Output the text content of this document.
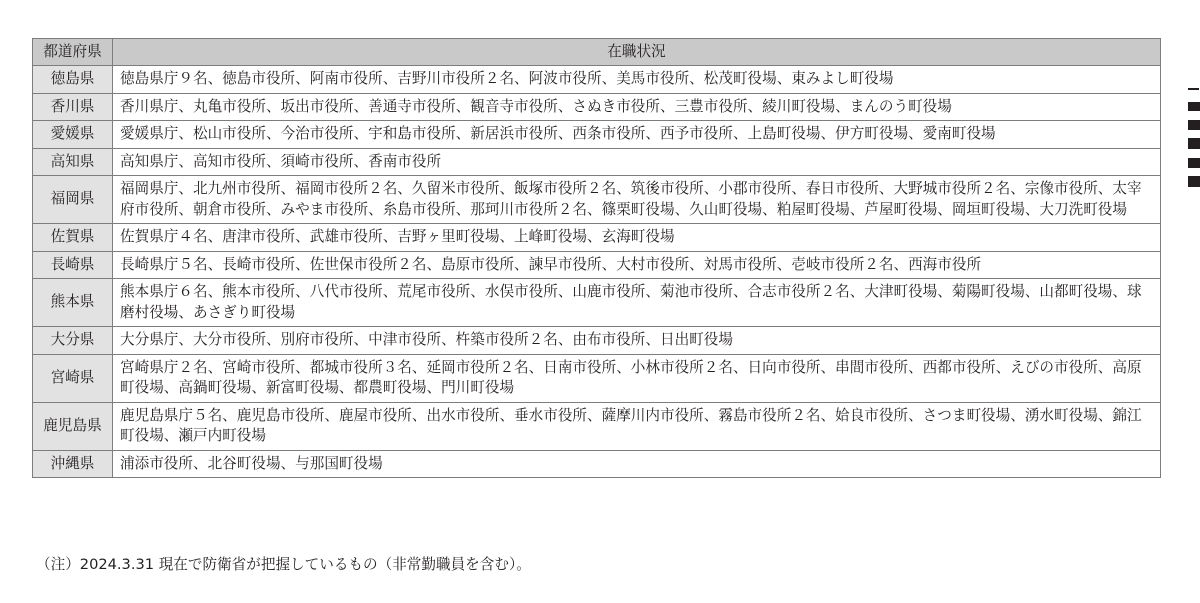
都道府県	在職状況
徳島県	徳島県庁９名、徳島市役所、阿南市役所、吉野川市役所２名、阿波市役所、美馬市役所、松茂町役場、東みよし町役場
香川県	香川県庁、丸亀市役所、坂出市役所、善通寺市役所、観音寺市役所、さぬき市役所、三豊市役所、綾川町役場、まんのう町役場
愛媛県	愛媛県庁、松山市役所、今治市役所、宇和島市役所、新居浜市役所、西条市役所、西予市役所、上島町役場、伊方町役場、愛南町役場
高知県	高知県庁、高知市役所、須崎市役所、香南市役所
福岡県	福岡県庁、北九州市役所、福岡市役所２名、久留米市役所、飯塚市役所２名、筑後市役所、小郡市役所、春日市役所、大野城市役所２名、宗像市役所、太宰府市役所、朝倉市役所、みやま市役所、糸島市役所、那珂川市役所２名、篠栗町役場、久山町役場、粕屋町役場、芦屋町役場、岡垣町役場、大刀洗町役場
佐賀県	佐賀県庁４名、唐津市役所、武雄市役所、吉野ヶ里町役場、上峰町役場、玄海町役場
長崎県	長崎県庁５名、長崎市役所、佐世保市役所２名、島原市役所、諫早市役所、大村市役所、対馬市役所、壱岐市役所２名、西海市役所
熊本県	熊本県庁６名、熊本市役所、八代市役所、荒尾市役所、水俣市役所、山鹿市役所、菊池市役所、合志市役所２名、大津町役場、菊陽町役場、山都町役場、球磨村役場、あさぎり町役場
大分県	大分県庁、大分市役所、別府市役所、中津市役所、杵築市役所２名、由布市役所、日出町役場
宮崎県	宮崎県庁２名、宮崎市役所、都城市役所３名、延岡市役所２名、日南市役所、小林市役所２名、日向市役所、串間市役所、西都市役所、えびの市役所、高原町役場、高鍋町役場、新富町役場、都農町役場、門川町役場
鹿児島県	鹿児島県庁５名、鹿児島市役所、鹿屋市役所、出水市役所、垂水市役所、薩摩川内市役所、霧島市役所２名、姶良市役所、さつま町役場、湧水町役場、錦江町役場、瀬戸内町役場
沖縄県	浦添市役所、北谷町役場、与那国町役場
（注）2024.3.31 現在で防衛省が把握しているもの（非常勤職員を含む）。
